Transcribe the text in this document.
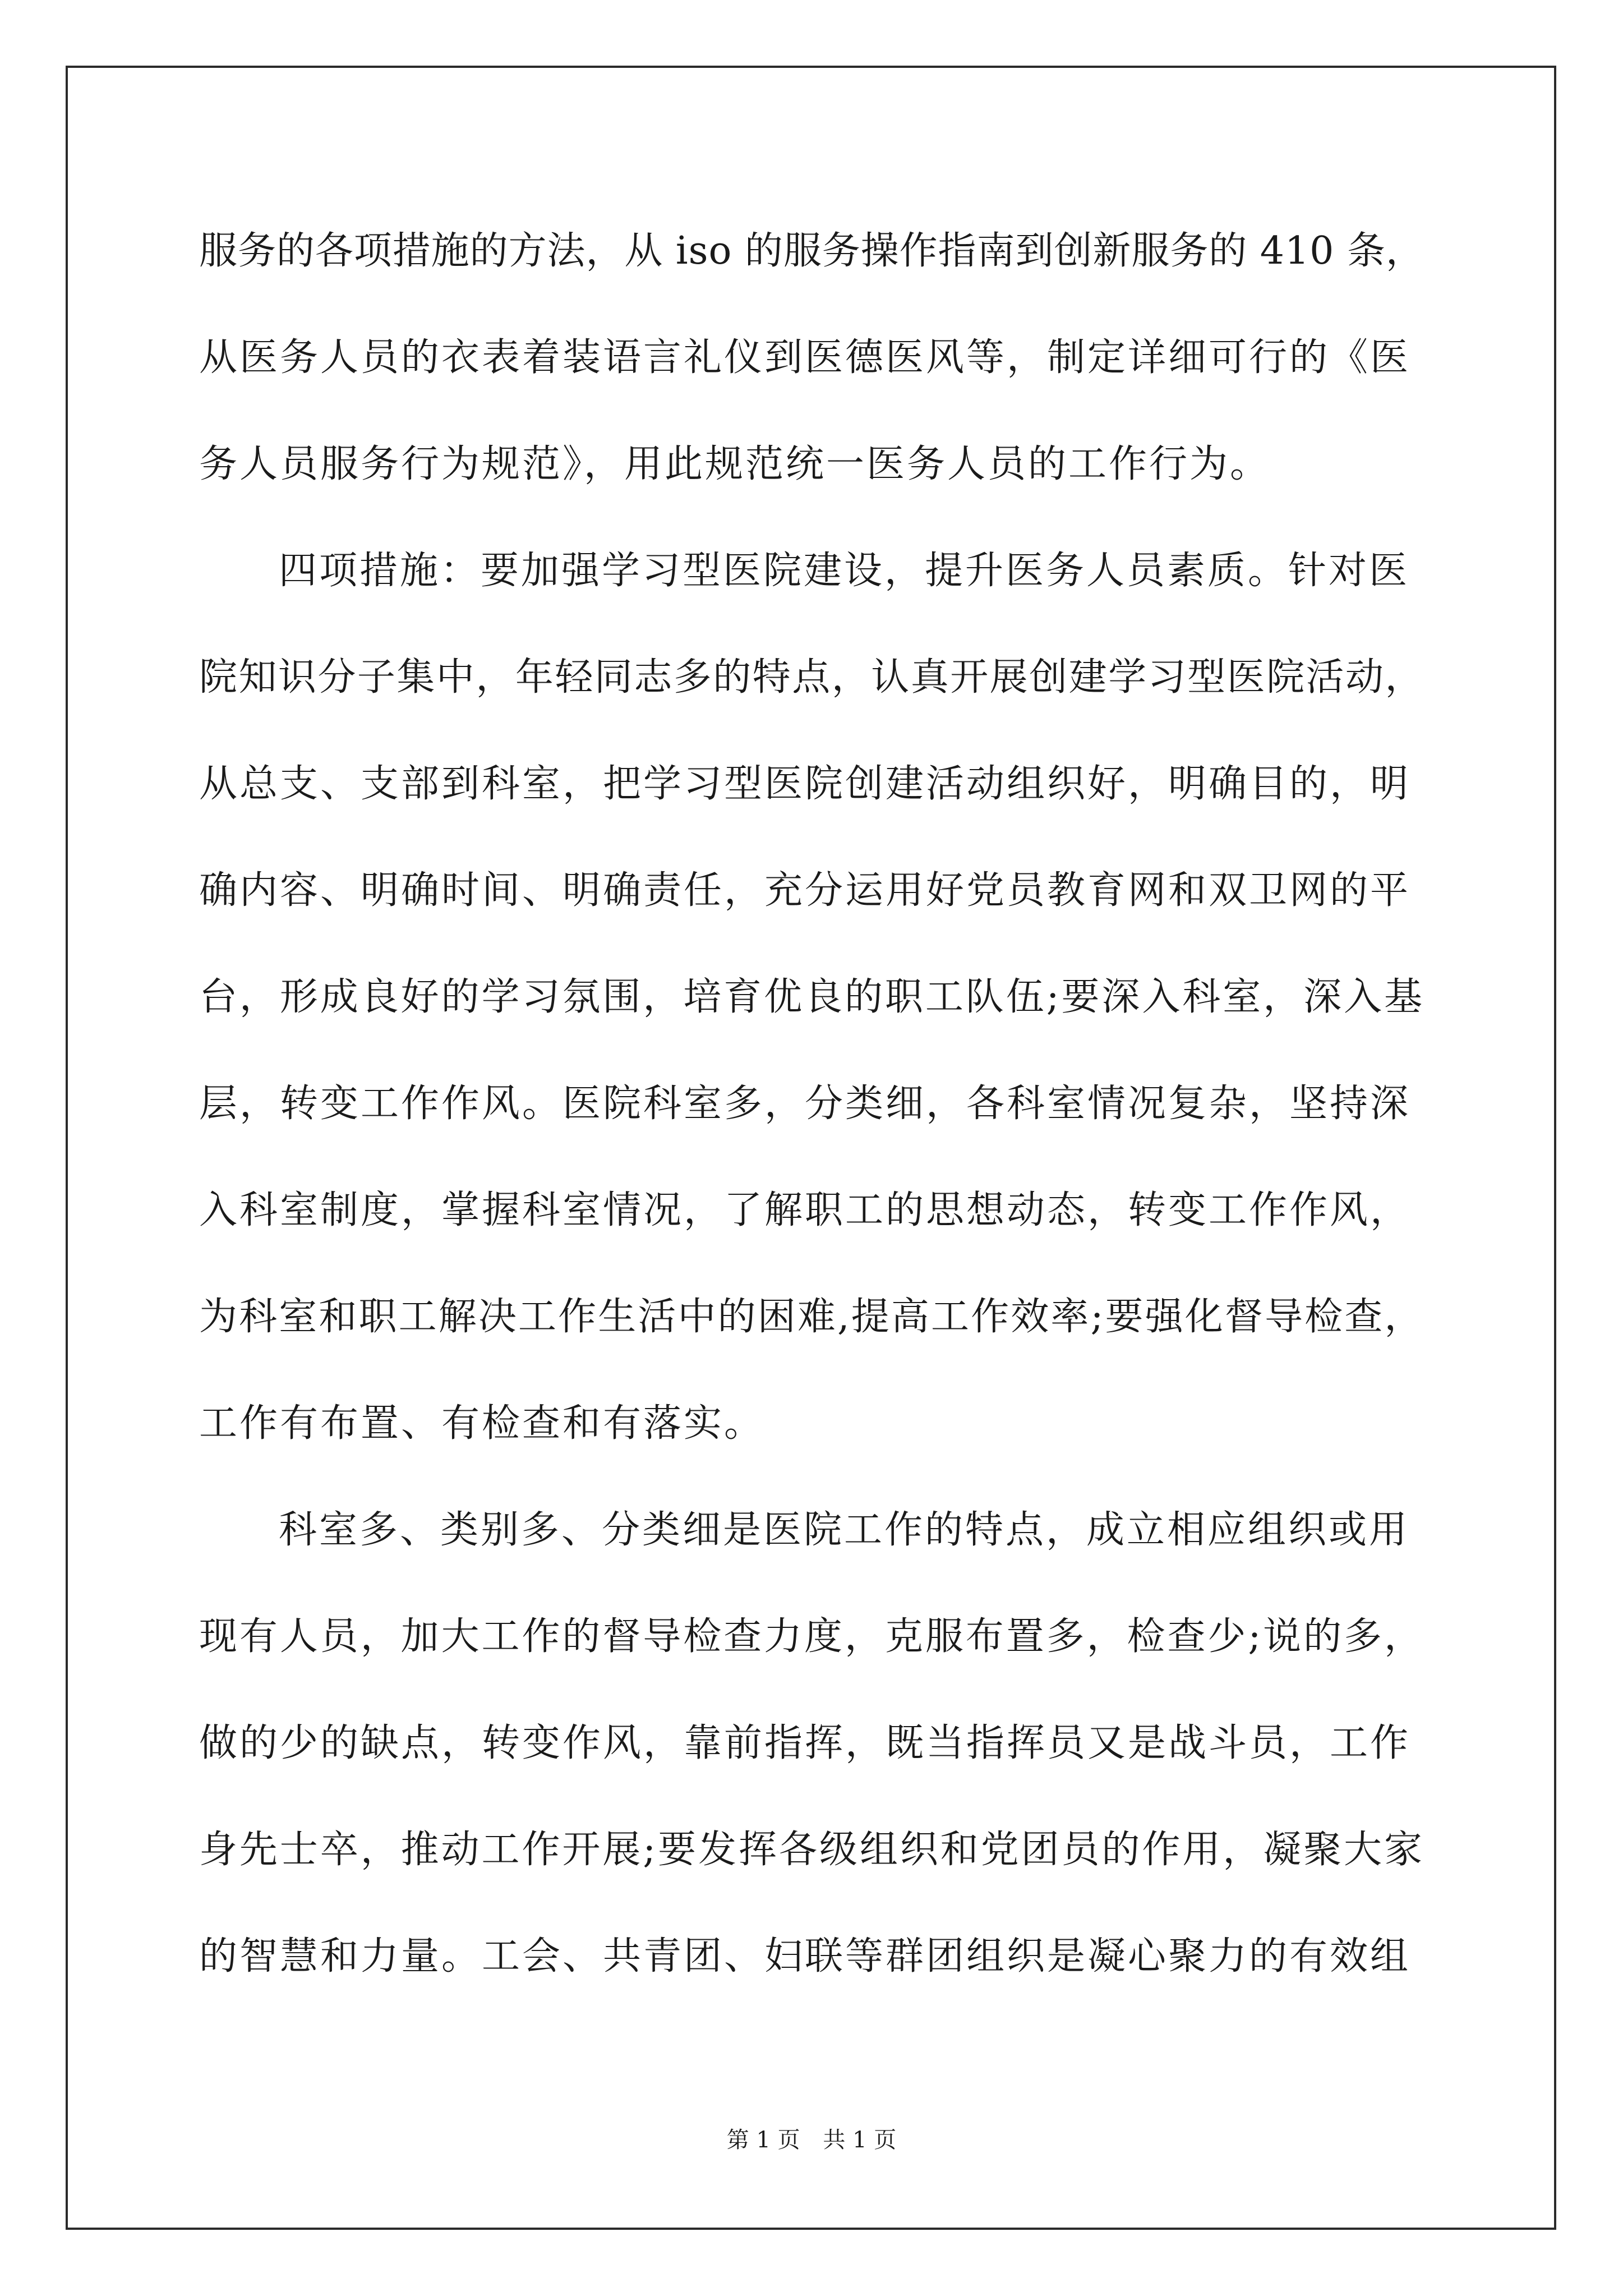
服务的各项措施的方法，从 iso 的服务操作指南到创新服务的 410 条，
从医务人员的衣表着装语言礼仪到医德医风等，制定详细可行的《医
务人员服务行为规范》，用此规范统一医务人员的工作行为。
四项措施：要加强学习型医院建设，提升医务人员素质。针对医
院知识分子集中，年轻同志多的特点，认真开展创建学习型医院活动，
从总支、支部到科室，把学习型医院创建活动组织好，明确目的，明
确内容、明确时间、明确责任，充分运用好党员教育网和双卫网的平
台，形成良好的学习氛围，培育优良的职工队伍;要深入科室，深入基
层，转变工作作风。医院科室多，分类细，各科室情况复杂，坚持深
入科室制度，掌握科室情况，了解职工的思想动态，转变工作作风，
为科室和职工解决工作生活中的困难,提高工作效率;要强化督导检查，
工作有布置、有检查和有落实。
科室多、类别多、分类细是医院工作的特点，成立相应组织或用
现有人员，加大工作的督导检查力度，克服布置多，检查少;说的多，
做的少的缺点，转变作风，靠前指挥，既当指挥员又是战斗员，工作
身先士卒，推动工作开展;要发挥各级组织和党团员的作用，凝聚大家
的智慧和力量。工会、共青团、妇联等群团组织是凝心聚力的有效组
第 1 页 共 1 页
